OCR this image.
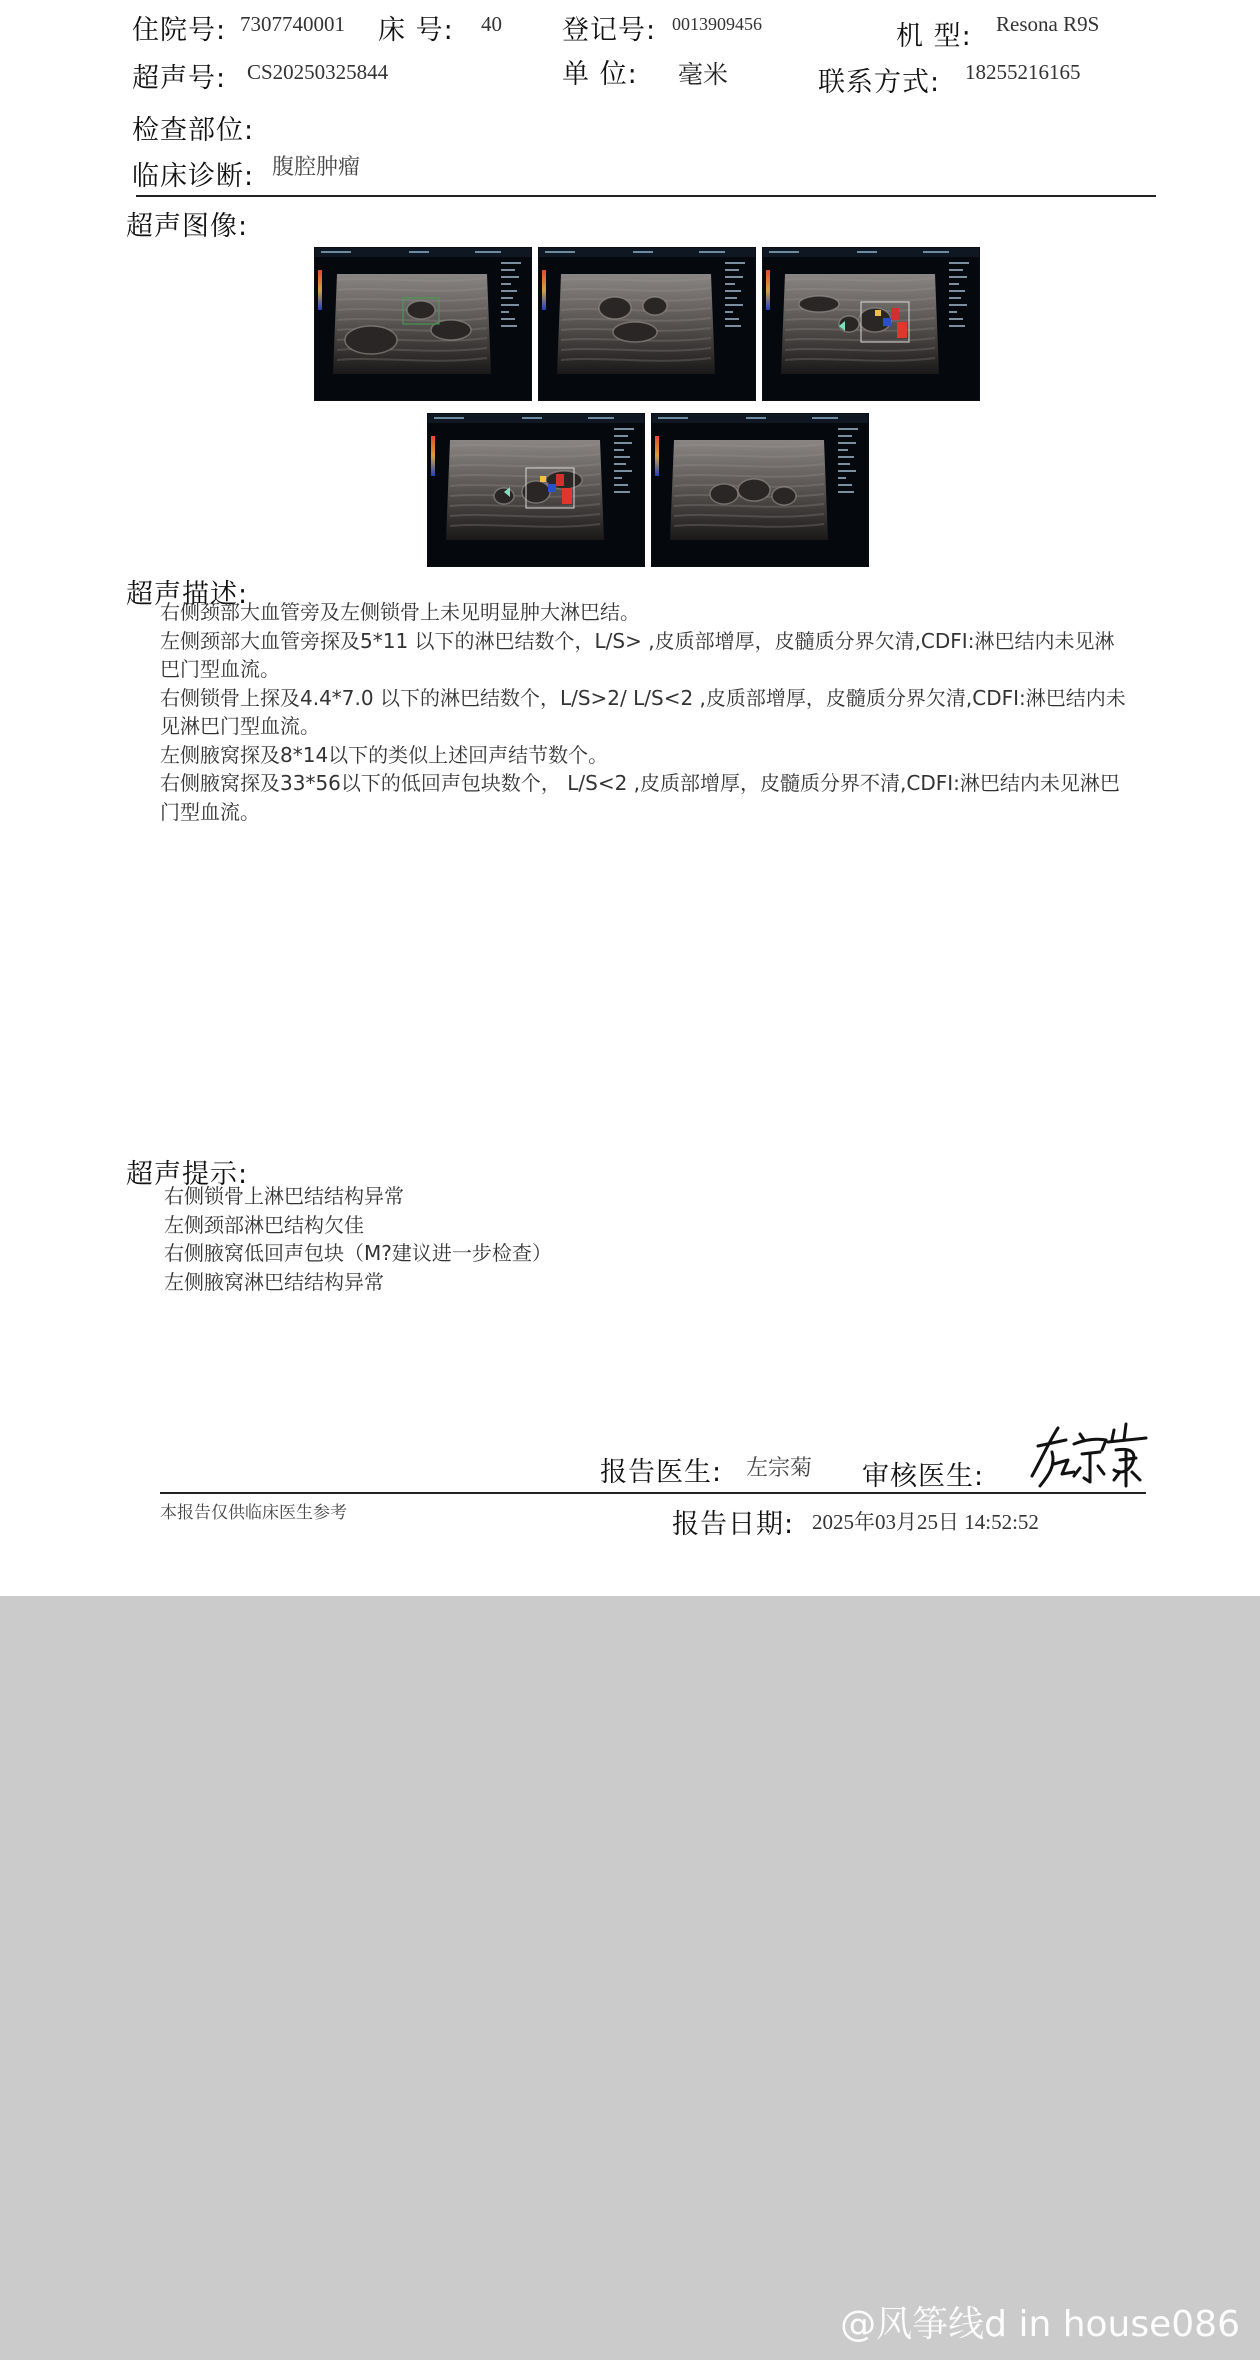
住院号: 7307740001 床 号: 40 登记号: 0013909456	机 型: Resona R9S
超声号: CS20250325844	单 位: 毫米	联系方式: 18255216165
检查部位:
临床诊断: 腹腔肿瘤
超声图像:
超声描述:
右侧颈部大血管旁及左侧锁骨上未见明显肿大淋巴结。
左侧颈部大血管旁探及5*11 以下的淋巴结数个，L/S> ,皮质部增厚，皮髓质分界欠清,CDFI:淋巴结内未见淋巴门型血流。
右侧锁骨上探及4.4*7.0 以下的淋巴结数个，L/S>2/ L/S<2 ,皮质部增厚，皮髓质分界欠清,CDFI:淋巴结内未见淋巴门型血流。
左侧腋窝探及8*14以下的类似上述回声结节数个。
右侧腋窝探及33*56以下的低回声包块数个， L/S<2 ,皮质部增厚，皮髓质分界不清,CDFI:淋巴结内未见淋巴门型血流。
超声提示:
右侧锁骨上淋巴结结构异常
左侧颈部淋巴结构欠佳
右侧腋窝低回声包块（M?建议进一步检查）
左侧腋窝淋巴结结构异常
报告医生: 左宗菊 审核医生:
本报告仅供临床医生参考	报告日期: 2025年03月25日 14:52:52
@风筝线d in house086
